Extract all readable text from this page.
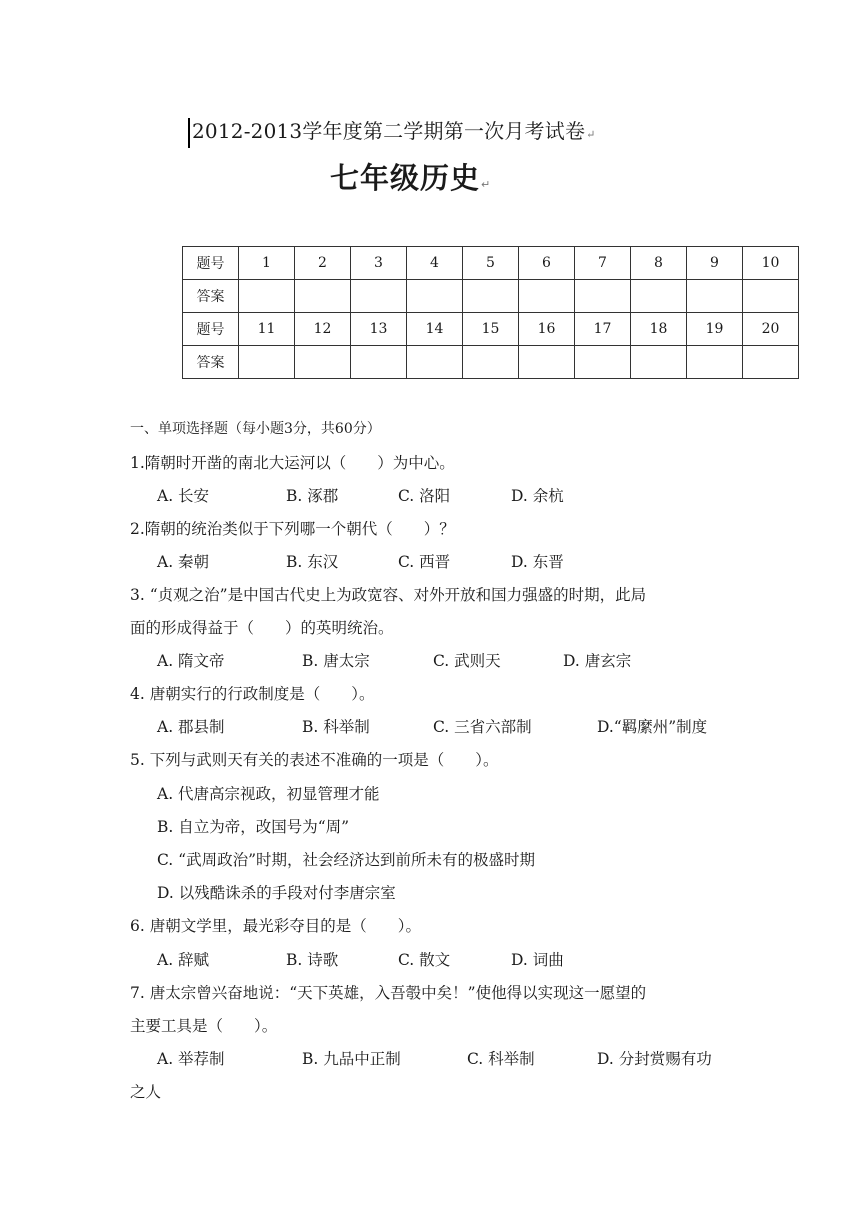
2012-2013学年度第二学期第一次月考试卷↵
七年级历史↵
题号	1	2	3	4	5	6	7	8	9	10
答案										
题号	11	12	13	14	15	16	17	18	19	20
答案										
一、单项选择题（每小题3分，共60分）
1.隋朝时开凿的南北大运河以（　　）为中心。
A. 长安	B. 涿郡	C. 洛阳	D. 余杭
2.隋朝的统治类似于下列哪一个朝代（　　）？
A. 秦朝	B. 东汉	C. 西晋	D. 东晋
3. “贞观之治”是中国古代史上为政宽容、对外开放和国力强盛的时期，此局
面的形成得益于（　　）的英明统治。
A. 隋文帝	B. 唐太宗	C. 武则天	D. 唐玄宗
4. 唐朝实行的行政制度是（　　）。
A. 郡县制	B. 科举制	C. 三省六部制	D.“羁縻州”制度
5. 下列与武则天有关的表述不准确的一项是（　　）。
A. 代唐高宗视政，初显管理才能
B. 自立为帝，改国号为“周”
C. “武周政治”时期，社会经济达到前所未有的极盛时期
D. 以残酷诛杀的手段对付李唐宗室
6. 唐朝文学里，最光彩夺目的是（　　）。
A. 辞赋	B. 诗歌	C. 散文	D. 词曲
7. 唐太宗曾兴奋地说：“天下英雄，入吾彀中矣！”使他得以实现这一愿望的
主要工具是（　　）。
A. 举荐制	B. 九品中正制	C. 科举制	D. 分封赏赐有功
之人
